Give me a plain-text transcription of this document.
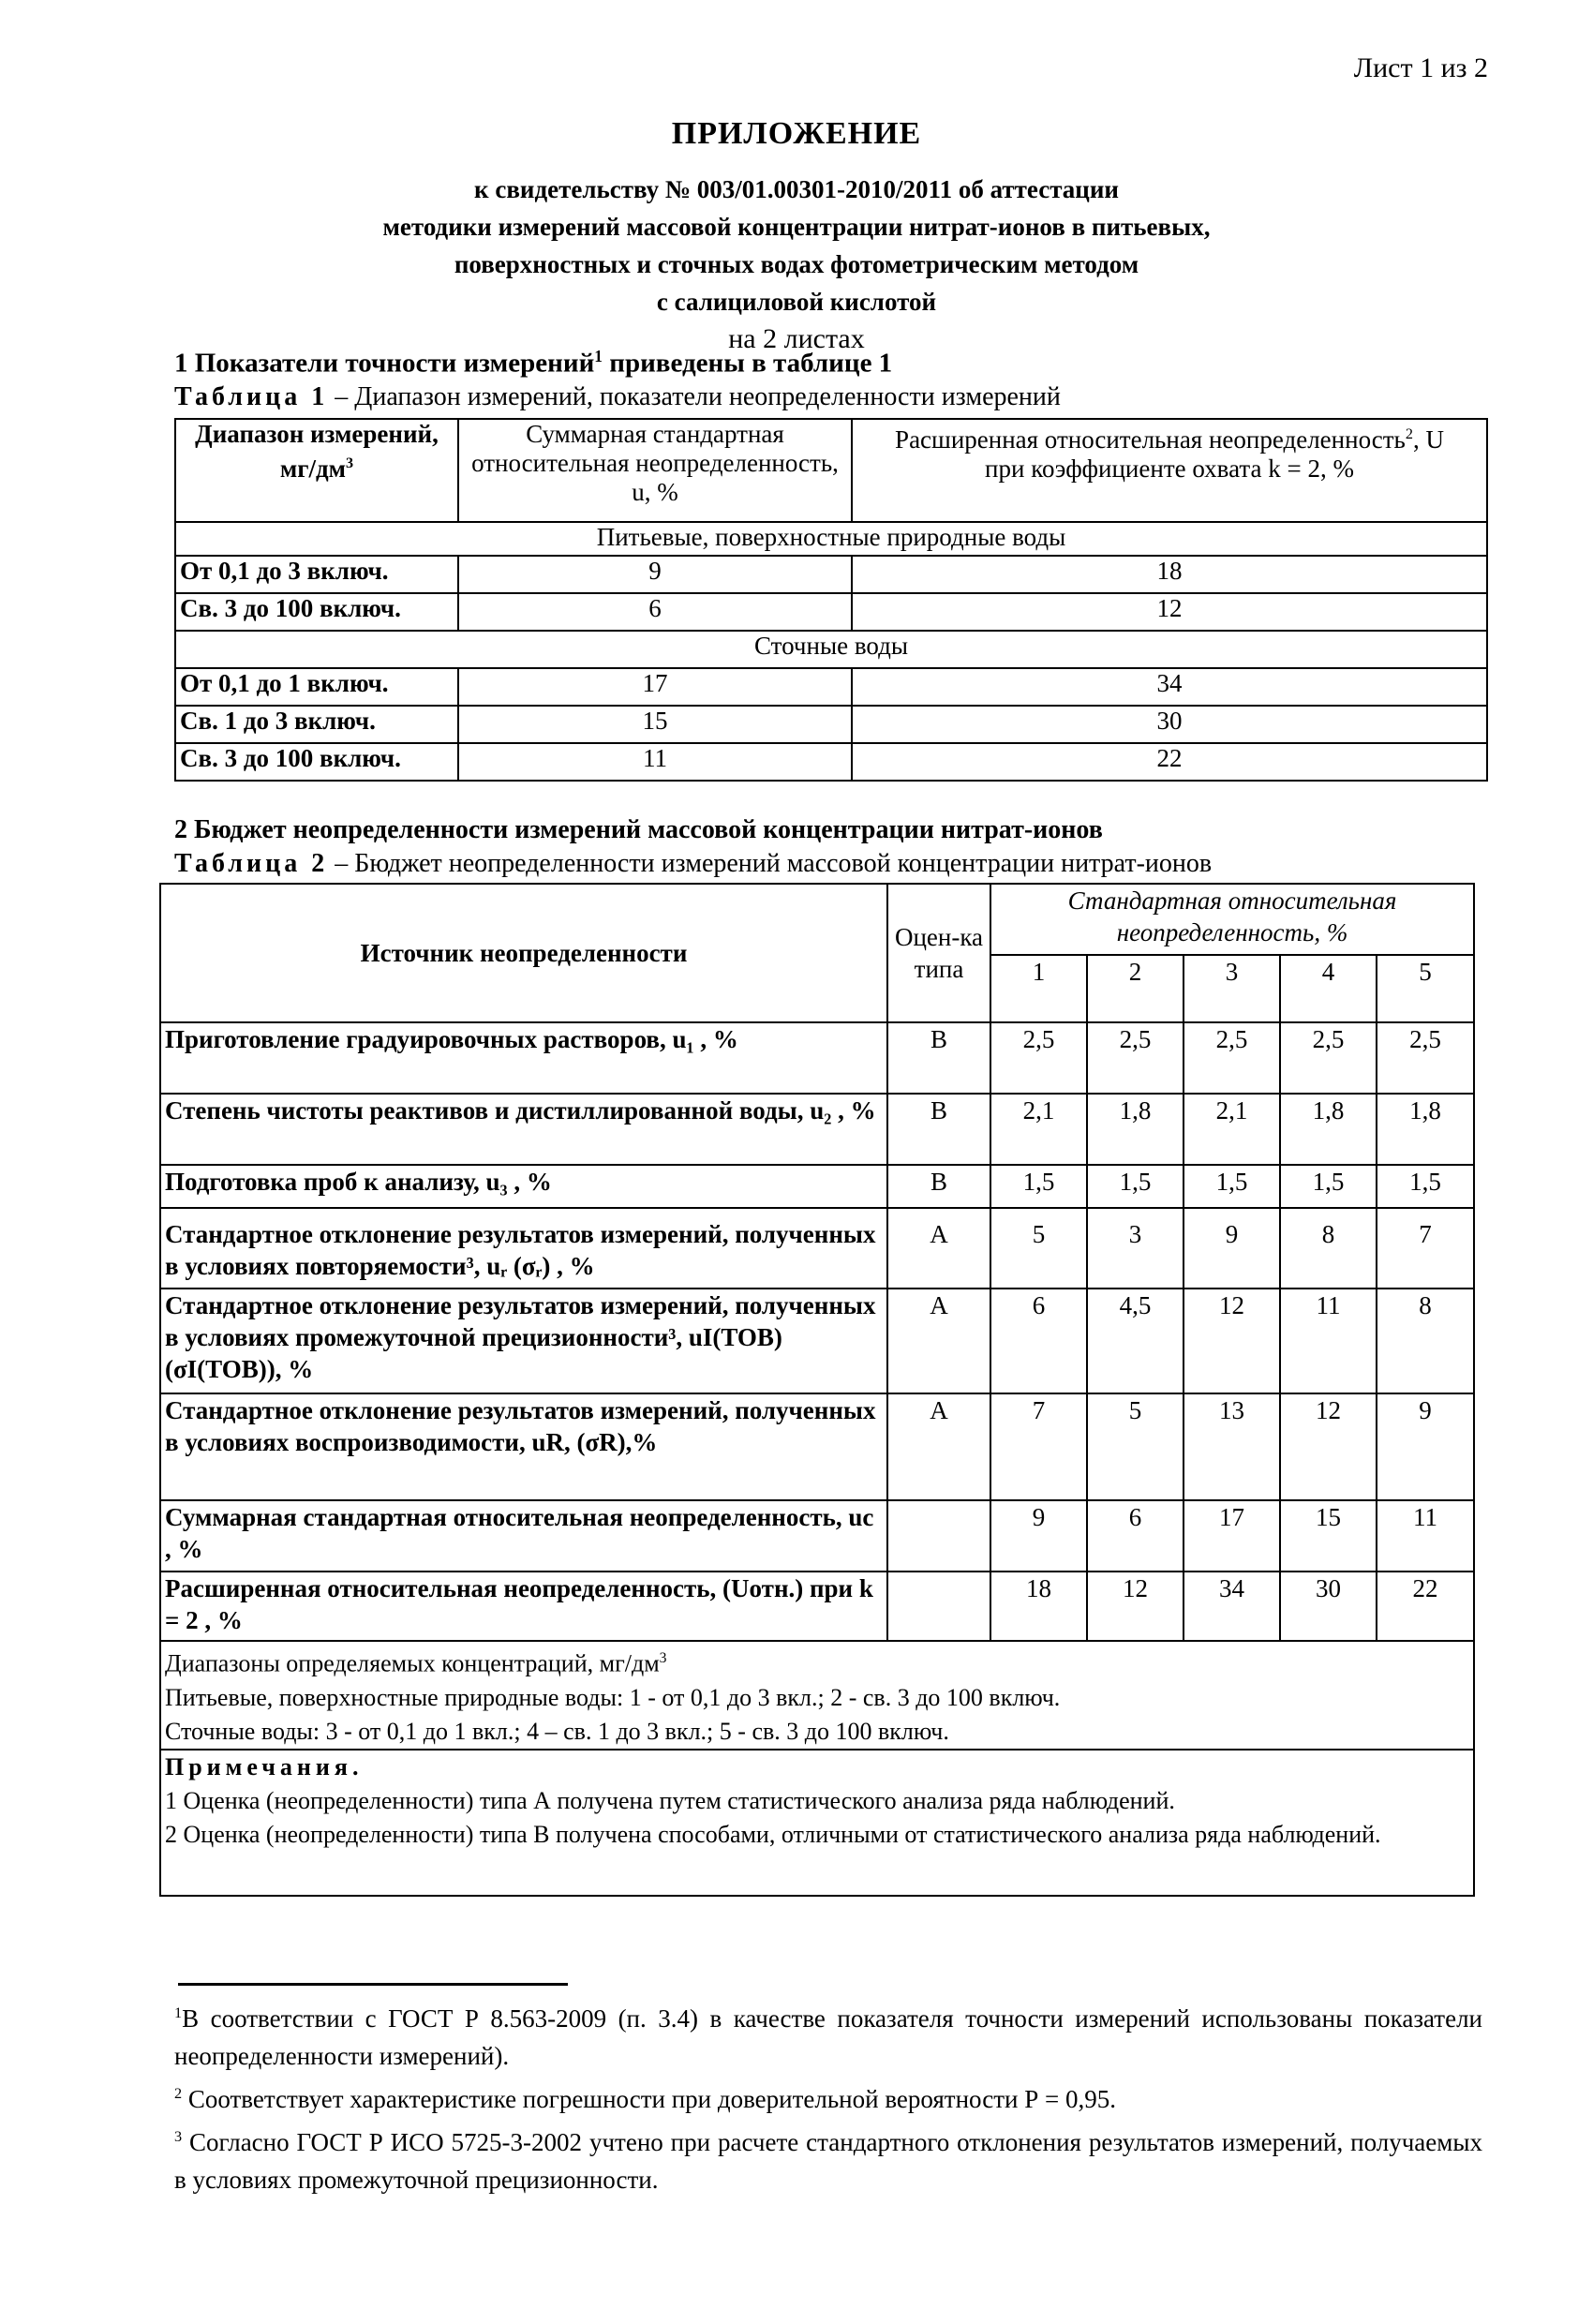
Лист 1 из 2
ПРИЛОЖЕНИЕ
к свидетельству № 003/01.00301-2010/2011 об аттестации
методики измерений массовой концентрации нитрат-ионов в питьевых,
поверхностных и сточных водах фотометрическим методом
с салициловой кислотой
на 2 листах
1 Показатели точности измерений$^1$ приведены в таблице 1
Таблица 1 – Диапазон измерений, показатели неопределенности измерений
Диапазон измерений, $мг/дм^3$	Суммарная стандартная относительная неопределенность, u, %	Расширенная относительная неопределенность$^2$, U
при коэффициенте охвата k = 2, %

Питьевые, поверхностные природные воды		
От 0,1 до 3 включ.	9	18
Св. 3 до 100 включ.	6	12
Сточные воды		
От 0,1 до 1 включ.	17	34
Св. 1 до 3 включ.	15	30
Св. 3 до 100 включ.	11	22
2 Бюджет неопределенности измерений массовой концентрации нитрат-ионов
Таблица 2 – Бюджет неопределенности измерений массовой концентрации нитрат-ионов
Источник неопределенности	Оцен-ка типа	Стандартная относительная
неопределенность, %				

		1	2	3	4	5
Приготовление градуировочных растворов, u₁ , %	В	2,5	2,5	2,5	2,5	2,5
Степень чистоты реактивов и дистиллированной воды, u₂ , %	В	2,1	1,8	2,1	1,8	1,8
Подготовка проб к анализу, u₃ , %	В	1,5	1,5	1,5	1,5	1,5
Стандартное отклонение результатов измерений, полученных в условиях повторяемости³, uᵣ (σᵣ) , %	А	5	3	9	8	7
Стандартное отклонение результатов измерений, полученных в условиях промежуточной прецизионности³, uI(TOB) (σI(TOB)), %	А	6	4,5	12	11	8
Стандартное отклонение результатов измерений, полученных в условиях воспроизводимости, uR, (σR),%	А	7	5	13	12	9
Суммарная стандартная относительная неопределенность, uc , %		9	6	17	15	11
Расширенная относительная неопределенность, (Uотн.) при k = 2 , %		18	12	34	30	22

Диапазоны определяемых концентраций, $мг/дм^3$
Питьевые, поверхностные природные воды: 1 - от 0,1 до 3 вкл.; 2 - св. 3 до 100 включ.
Сточные воды: 3 - от 0,1 до 1 вкл.; 4 – св. 1 до 3 вкл.; 5 - св. 3 до 100 включ.						

Примечания.
1 Оценка (неопределенности) типа А получена путем статистического анализа ряда наблюдений.
2 Оценка (неопределенности) типа В получена способами, отличными от статистического анализа ряда наблюдений.						

$^1$В соответствии с ГОСТ Р 8.563-2009 (п. 3.4) в качестве показателя точности измерений использованы показатели неопределенности измерений).

$^2$ Соответствует характеристике погрешности при доверительной вероятности Р = 0,95.

$^3$ Согласно ГОСТ Р ИСО 5725-3-2002 учтено при расчете стандартного отклонения результатов измерений, получаемых в условиях промежуточной прецизионности.
